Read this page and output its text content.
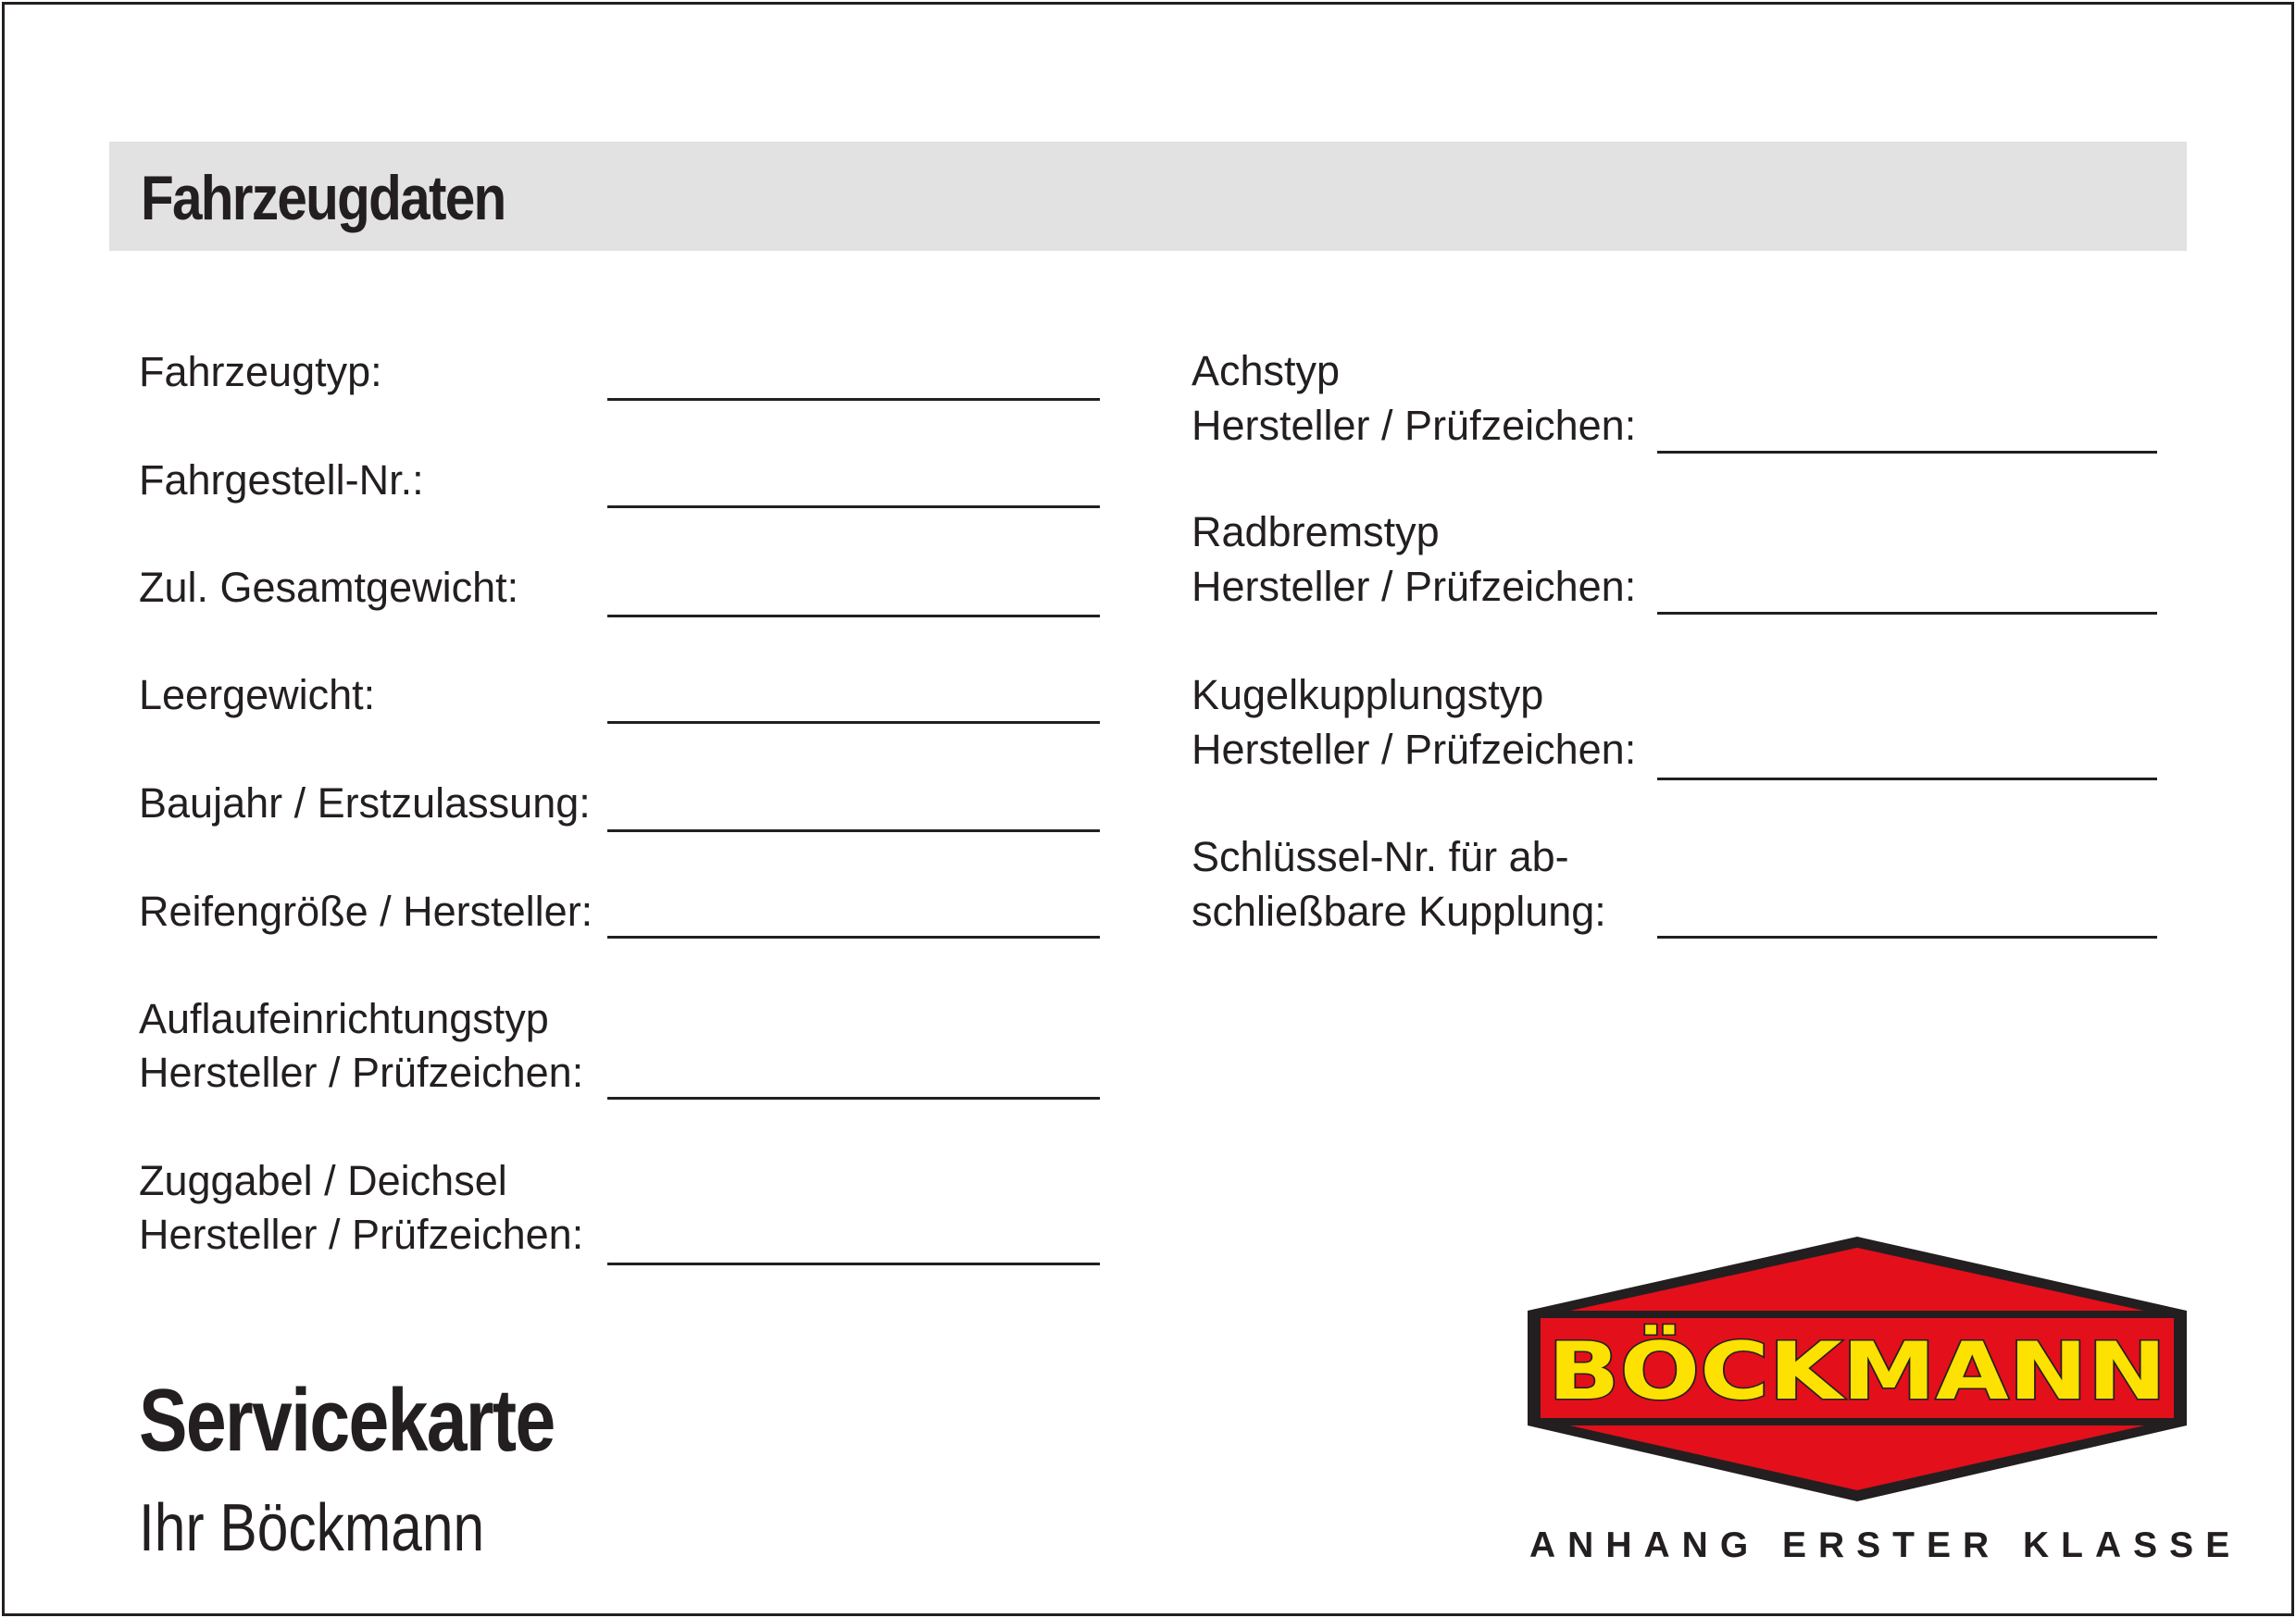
Fahrzeugdaten
Fahrzeugtyp:
Fahrgestell-Nr.:
Zul. Gesamtgewicht:
Leergewicht:
Baujahr / Erstzulassung:
Reifengröße / Hersteller:
Auflaufeinrichtungstyp
Hersteller / Prüfzeichen:
Zuggabel / Deichsel
Hersteller / Prüfzeichen:
Achstyp
Hersteller / Prüfzeichen:
Radbremstyp
Hersteller / Prüfzeichen:
Kugelkupplungstyp
Hersteller / Prüfzeichen:
Schlüssel-Nr. für ab-
schließbare Kupplung:
Servicekarte
Ihr Böckmann
BÖCKMANN
ANHANG ERSTER KLASSE
